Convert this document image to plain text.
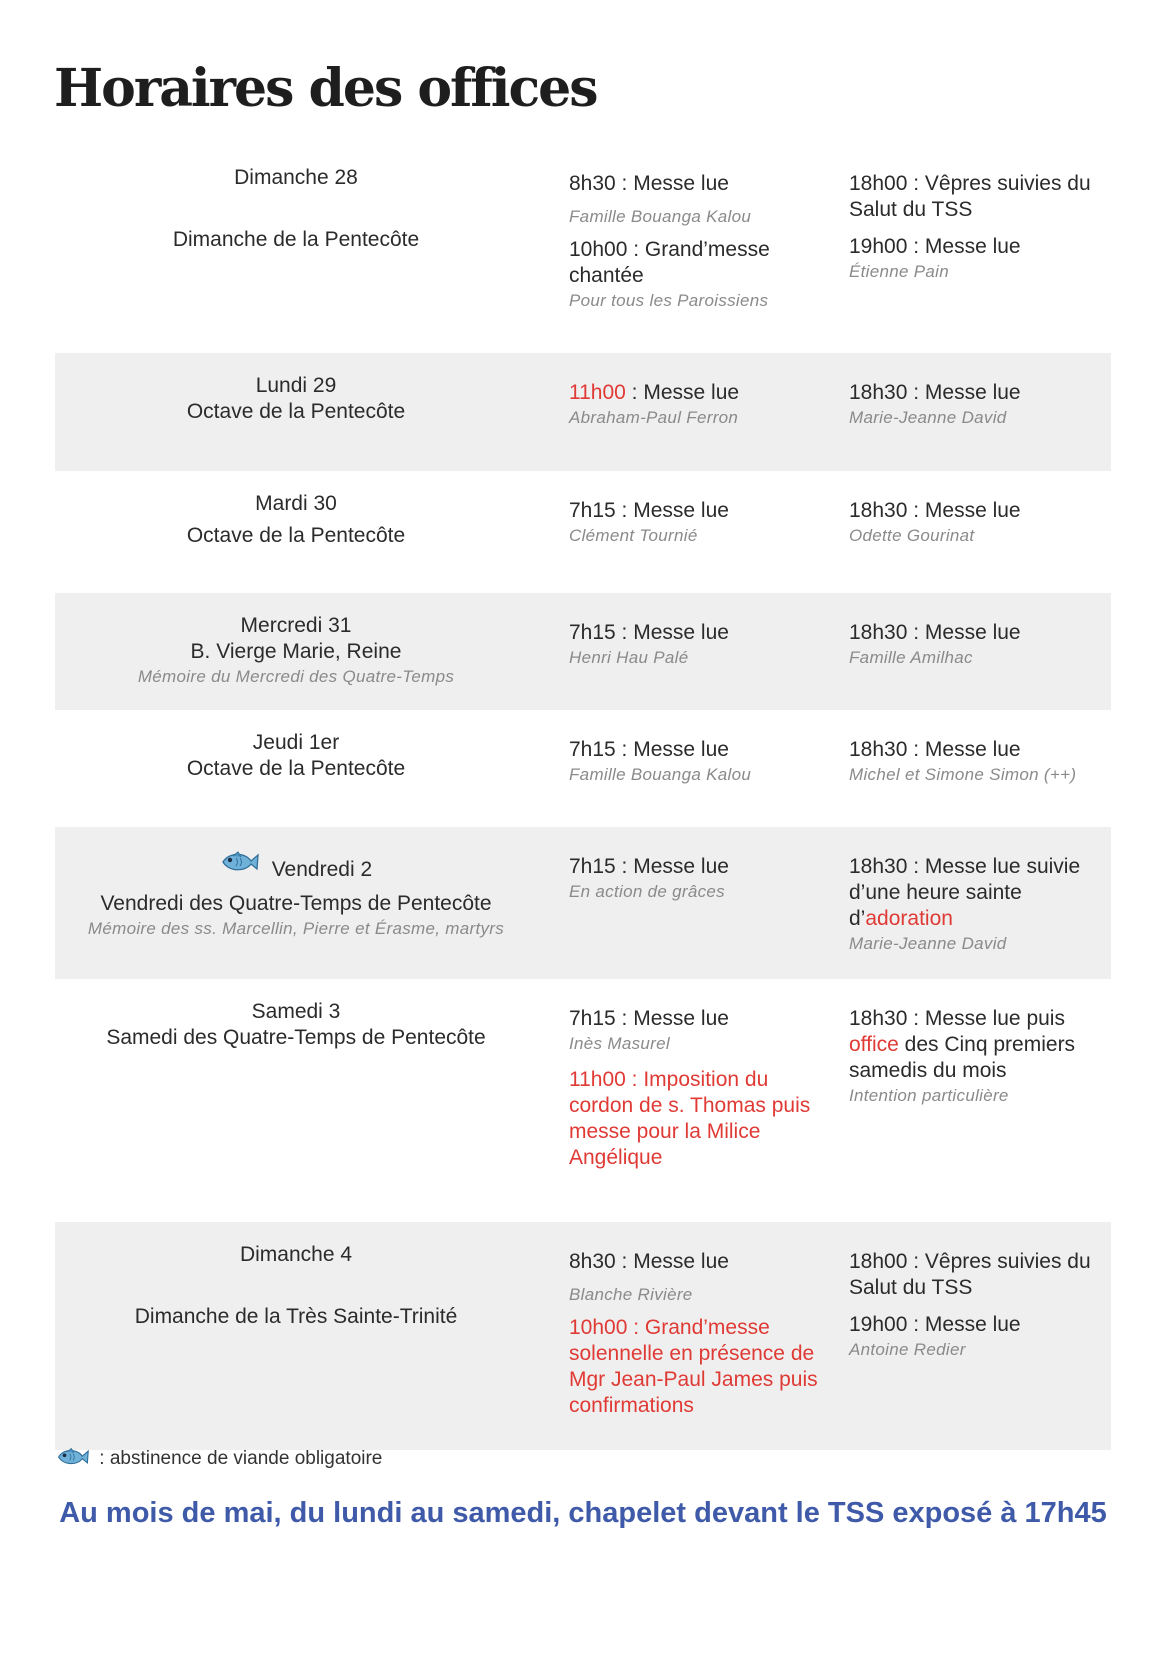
Horaires des offices
Dimanche 28
Dimanche de la Pentecôte
8h30 : Messe lue
Famille Bouanga Kalou
10h00 : Grand’messe chantée
Pour tous les Paroissiens
18h00 : Vêpres suivies du Salut du TSS
19h00 : Messe lue
Étienne Pain
Lundi 29
Octave de la Pentecôte
11h00 : Messe lue
Abraham-Paul Ferron
18h30 : Messe lue
Marie-Jeanne David
Mardi 30
Octave de la Pentecôte
7h15 : Messe lue
Clément Tournié
18h30 : Messe lue
Odette Gourinat
Mercredi 31
B. Vierge Marie, Reine
Mémoire du Mercredi des Quatre-Temps
7h15 : Messe lue
Henri Hau Palé
18h30 : Messe lue
Famille Amilhac
Jeudi 1er
Octave de la Pentecôte
7h15 : Messe lue
Famille Bouanga Kalou
18h30 : Messe lue
Michel et Simone Simon (++)
Vendredi 2
Vendredi des Quatre-Temps de Pentecôte
Mémoire des ss. Marcellin, Pierre et Érasme, martyrs
7h15 : Messe lue
En action de grâces
18h30 : Messe lue suivie d’une heure sainte d’adoration
Marie-Jeanne David
Samedi 3
Samedi des Quatre-Temps de Pentecôte
7h15 : Messe lue
Inès Masurel
11h00 : Imposition du cordon de s. Thomas puis messe pour la Milice Angélique
18h30 : Messe lue puis office des Cinq premiers samedis du mois
Intention particulière
Dimanche 4
Dimanche de la Très Sainte-Trinité
8h30 : Messe lue
Blanche Rivière
10h00 : Grand’messe solennelle en présence de Mgr Jean-Paul James puis confirmations
18h00 : Vêpres suivies du Salut du TSS
19h00 : Messe lue
Antoine Redier
: abstinence de viande obligatoire
Au mois de mai, du lundi au samedi, chapelet devant le TSS exposé à 17h45
